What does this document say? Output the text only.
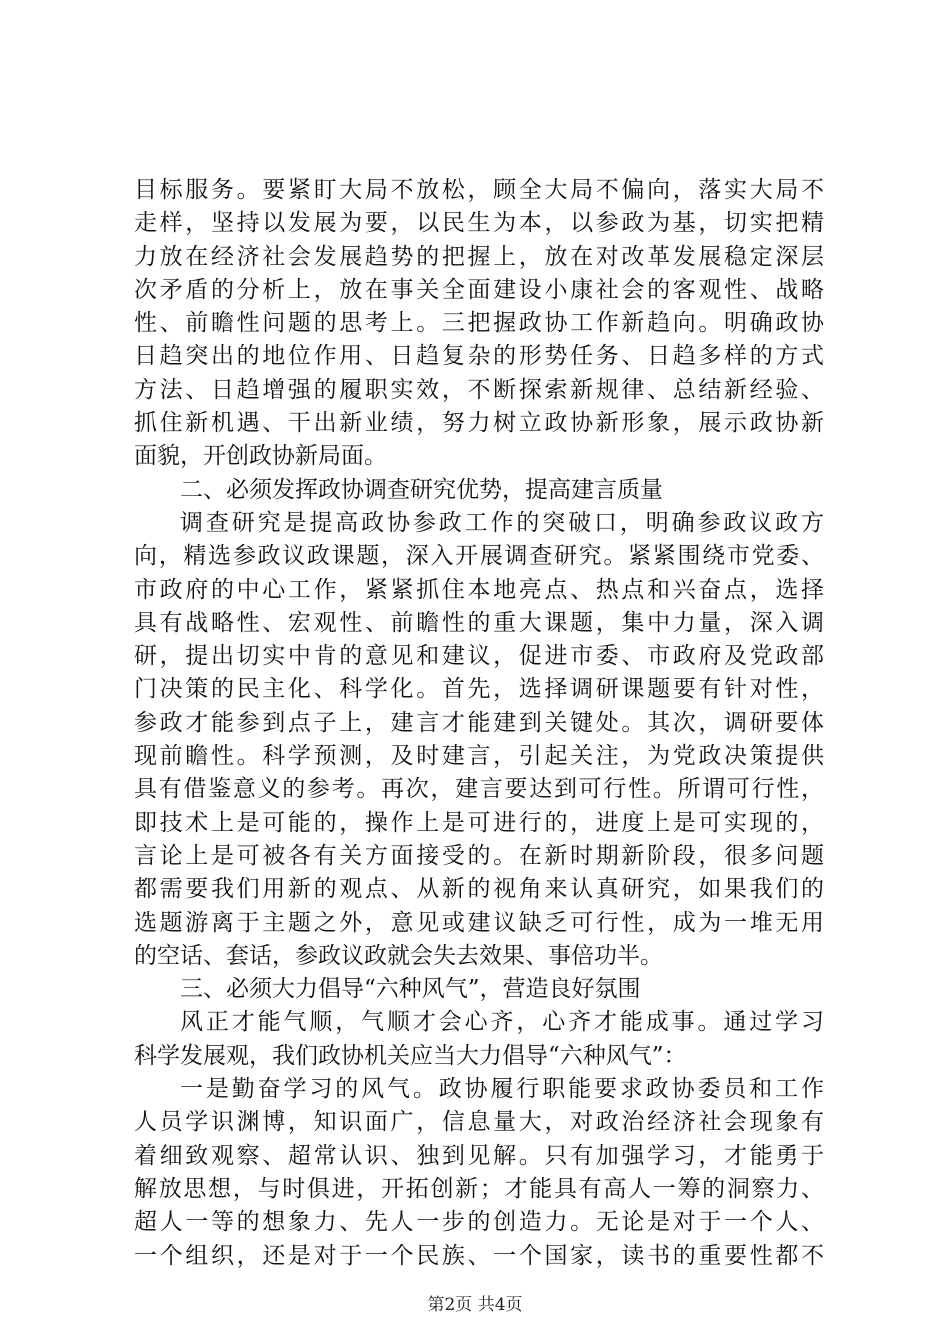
目标服务。要紧盯大局不放松，顾全大局不偏向，落实大局不
走样，坚持以发展为要，以民生为本，以参政为基，切实把精
力放在经济社会发展趋势的把握上，放在对改革发展稳定深层
次矛盾的分析上，放在事关全面建设小康社会的客观性、战略
性、前瞻性问题的思考上。三把握政协工作新趋向。明确政协
日趋突出的地位作用、日趋复杂的形势任务、日趋多样的方式
方法、日趋增强的履职实效，不断探索新规律、总结新经验、
抓住新机遇、干出新业绩，努力树立政协新形象，展示政协新
面貌，开创政协新局面。
二、必须发挥政协调查研究优势，提高建言质量
调查研究是提高政协参政工作的突破口，明确参政议政方
向，精选参政议政课题，深入开展调查研究。紧紧围绕市党委、
市政府的中心工作，紧紧抓住本地亮点、热点和兴奋点，选择
具有战略性、宏观性、前瞻性的重大课题，集中力量，深入调
研，提出切实中肯的意见和建议，促进市委、市政府及党政部
门决策的民主化、科学化。首先，选择调研课题要有针对性，
参政才能参到点子上，建言才能建到关键处。其次，调研要体
现前瞻性。科学预测，及时建言，引起关注，为党政决策提供
具有借鉴意义的参考。再次，建言要达到可行性。所谓可行性，
即技术上是可能的，操作上是可进行的，进度上是可实现的，
言论上是可被各有关方面接受的。在新时期新阶段，很多问题
都需要我们用新的观点、从新的视角来认真研究，如果我们的
选题游离于主题之外，意见或建议缺乏可行性，成为一堆无用
的空话、套话，参政议政就会失去效果、事倍功半。
三、必须大力倡导“六种风气”，营造良好氛围
风正才能气顺，气顺才会心齐，心齐才能成事。通过学习
科学发展观，我们政协机关应当大力倡导“六种风气”：
一是勤奋学习的风气。政协履行职能要求政协委员和工作
人员学识渊博，知识面广，信息量大，对政治经济社会现象有
着细致观察、超常认识、独到见解。只有加强学习，才能勇于
解放思想，与时俱进，开拓创新；才能具有高人一筹的洞察力、
超人一等的想象力、先人一步的创造力。无论是对于一个人、
一个组织，还是对于一个民族、一个国家，读书的重要性都不
第2页 共4页
